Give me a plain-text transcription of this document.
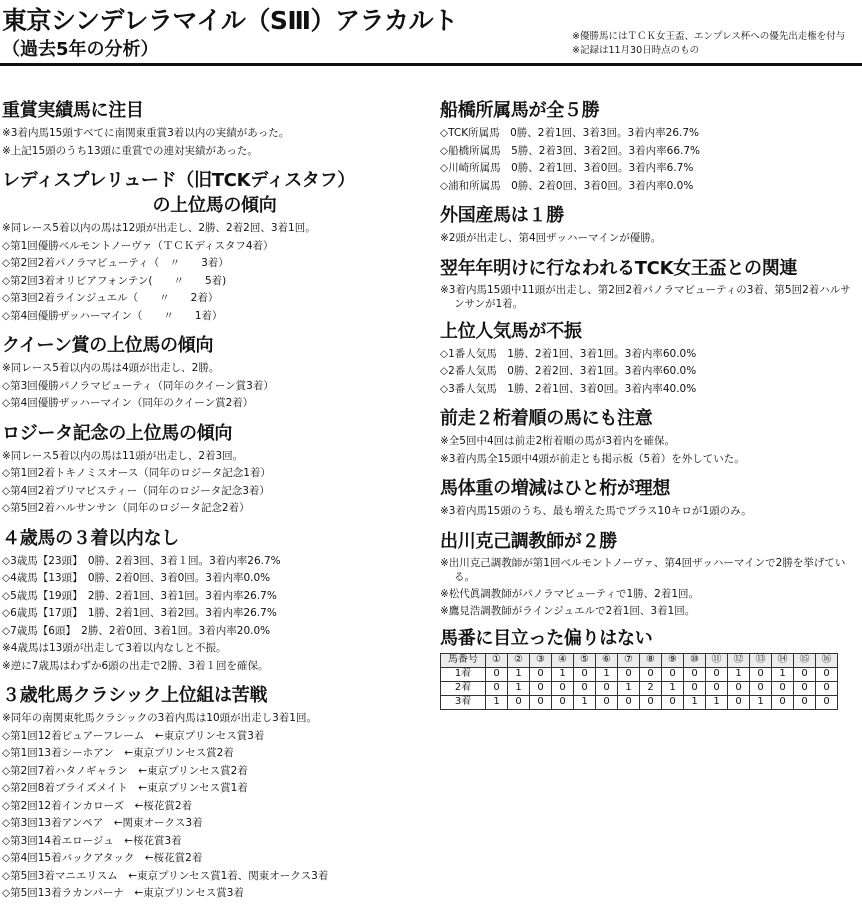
東京シンデレラマイル（SⅢ）アラカルト
（過去5年の分析）
※優勝馬にはＴＣＫ女王盃、エンプレス杯への優先出走権を付与
※記録は11月30日時点のもの
重賞実績馬に注目
※3着内馬15頭すべてに南関東重賞3着以内の実績があった。
※上記15頭のうち13頭に重賞での連対実績があった。
レディスプレリュード（旧TCKディスタフ）
の上位馬の傾向
※同レース5着以内の馬は12頭が出走し、2勝、2着2回、3着1回。
◇第1回優勝ベルモントノーヴァ（ＴＣＫディスタフ4着）
◇第2回2着パノラマビューティ（　〃　　3着）
◇第2回3着オリビアフォンテン(　　〃　　5着)
◇第3回2着ラインジュエル（　　〃　　2着）
◇第4回優勝ザッハーマイン（　　〃　　1着）
クイーン賞の上位馬の傾向
※同レース5着以内の馬は4頭が出走し、2勝。
◇第3回優勝パノラマビューティ（同年のクイーン賞3着）
◇第4回優勝ザッハーマイン（同年のクイーン賞2着）
ロジータ記念の上位馬の傾向
※同レース5着以内の馬は11頭が出走し、2着3回。
◇第1回2着トキノミスオース（同年のロジータ記念1着）
◇第4回2着プリマビスティー（同年のロジータ記念3着）
◇第5回2着ハルサンサン（同年のロジータ記念2着）
４歳馬の３着以内なし
◇3歳馬【23頭】　0勝、2着3回、3着１回。3着内率26.7%
◇4歳馬【13頭】　0勝、2着0回、3着0回。3着内率0.0%
◇5歳馬【19頭】　2勝、2着1回、3着1回。3着内率26.7%
◇6歳馬【17頭】　1勝、2着1回、3着2回。3着内率26.7%
◇7歳馬【6頭】　2勝、2着0回、3着1回。3着内率20.0%
※4歳馬は13頭が出走して3着以内なしと不振。
※逆に7歳馬はわずか6頭の出走で2勝、3着１回を確保。
３歳牝馬クラシック上位組は苦戦
※同年の南関東牝馬クラシックの3着内馬は10頭が出走し3着1回。
◇第1回12着ピュアーフレーム　←東京プリンセス賞3着
◇第1回13着シーホアン　←東京プリンセス賞2着
◇第2回7着ハタノギャラン　←東京プリンセス賞2着
◇第2回8着ブライズメイト　←東京プリンセス賞1着
◇第2回12着インカローズ　←桜花賞2着
◇第3回13着アンペア　←関東オークス3着
◇第3回14着エロージュ　←桜花賞3着
◇第4回15着バックアタック　←桜花賞2着
◇第5回3着マニエリスム　←東京プリンセス賞1着、関東オークス3着
◇第5回13着ラカンパーナ　←東京プリンセス賞3着
船橋所属馬が全５勝
◇TCK所属馬　0勝、2着1回、3着3回。3着内率26.7%
◇船橋所属馬　5勝、2着3回、3着2回。3着内率66.7%
◇川崎所属馬　0勝、2着1回、3着0回。3着内率6.7%
◇浦和所属馬　0勝、2着0回、3着0回。3着内率0.0%
外国産馬は１勝
※2頭が出走し、第4回ザッハーマインが優勝。
翌年年明けに行なわれるTCK女王盃との関連
※3着内馬15頭中11頭が出走し、第2回2着パノラマビューティの3着、第5回2着ハルサンサンが1着。
上位人気馬が不振
◇1番人気馬　1勝、2着1回、3着1回。3着内率60.0%
◇2番人気馬　0勝、2着2回、3着1回。3着内率60.0%
◇3番人気馬　1勝、2着1回、3着0回。3着内率40.0%
前走２桁着順の馬にも注意
※全5回中4回は前走2桁着順の馬が3着内を確保。
※3着内馬全15頭中4頭が前走とも掲示板（5着）を外していた。
馬体重の増減はひと桁が理想
※3着内馬15頭のうち、最も増えた馬でプラス10キロが1頭のみ。
出川克己調教師が２勝
※出川克己調教師が第1回ベルモントノーヴァ、第4回ザッハーマインで2勝を挙げている。
※松代眞調教師がパノラマビューティで1勝、2着1回。
※鷹見浩調教師がラインジュエルで2着1回、3着1回。
馬番に目立った偏りはない
馬番号	①	②	③	④	⑤	⑥	⑦	⑧	⑨	⑩	⑪	⑫	⑬	⑭	⑮	⑯
1着	0	1	0	1	0	1	0	0	0	0	0	1	0	1	0	0
2着	0	1	0	0	0	0	1	2	1	0	0	0	0	0	0	0
3着	1	0	0	0	1	0	0	0	0	1	1	0	1	0	0	0
